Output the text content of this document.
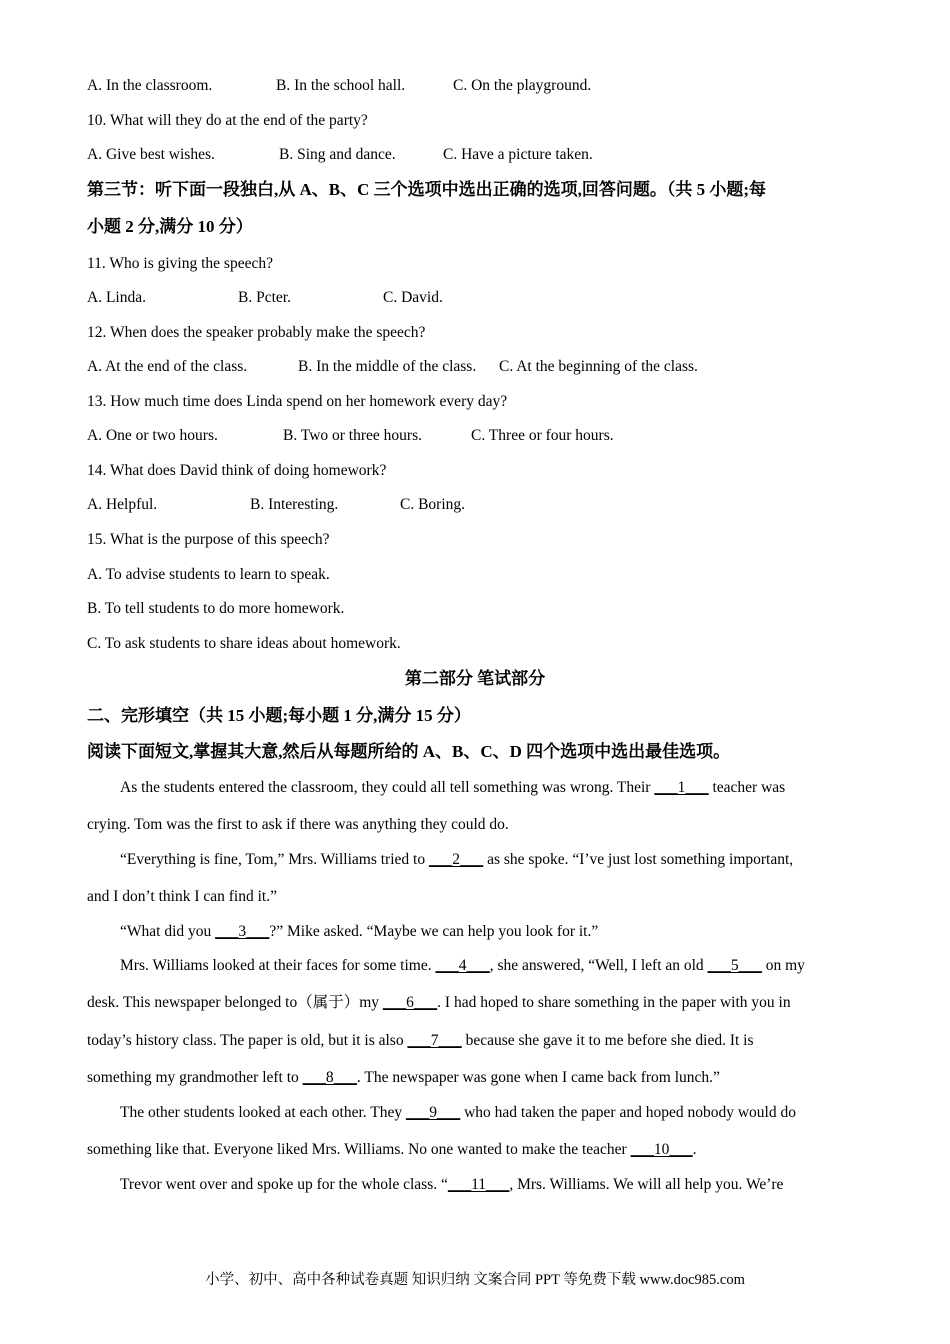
A. In the classroom.	B. In the school hall.	C. On the playground.
10. What will they do at the end of the party?
A. Give best wishes.	B. Sing and dance.	C. Have a picture taken.
第三节：听下面一段独白,从 A、B、C 三个选项中选出正确的选项,回答问题。（共 5 小题;每
小题 2 分,满分 10 分）
11. Who is giving the speech?
A. Linda.	B. Pcter.	C. David.
12. When does the speaker probably make the speech?
A. At the end of the class.	B. In the middle of the class. C. At the beginning of the class.
13. How much time does Linda spend on her homework every day?
A. One or two hours.	B. Two or three hours.	C. Three or four hours.
14. What does David think of doing homework?
A. Helpful.	B. Interesting.	C. Boring.
15. What is the purpose of this speech?
A. To advise students to learn to speak.
B. To tell students to do more homework.
C. To ask students to share ideas about homework.
第二部分 笔试部分
二、完形填空（共 15 小题;每小题 1 分,满分 15 分）
阅读下面短文,掌握其大意,然后从每题所给的 A、B、C、D 四个选项中选出最佳选项。
As the students entered the classroom, they could all tell something was wrong. Their ___1___ teacher was
crying. Tom was the first to ask if there was anything they could do.
“Everything is fine, Tom,” Mrs. Williams tried to ___2___ as she spoke. “I’ve just lost something important,
and I don’t think I can find it.”
“What did you ___3___?” Mike asked. “Maybe we can help you look for it.”
Mrs. Williams looked at their faces for some time. ___4___, she answered, “Well, I left an old ___5___ on my
desk. This newspaper belonged to（属于）my ___6___. I had hoped to share something in the paper with you in
today’s history class. The paper is old, but it is also ___7___ because she gave it to me before she died. It is
something my grandmother left to ___8___. The newspaper was gone when I came back from lunch.”
The other students looked at each other. They ___9___ who had taken the paper and hoped nobody would do
something like that. Everyone liked Mrs. Williams. No one wanted to make the teacher ___10___.
Trevor went over and spoke up for the whole class. “___11___, Mrs. Williams. We will all help you. We’re
小学、初中、高中各种试卷真题 知识归纳 文案合同 PPT 等免费下载 www.doc985.com
